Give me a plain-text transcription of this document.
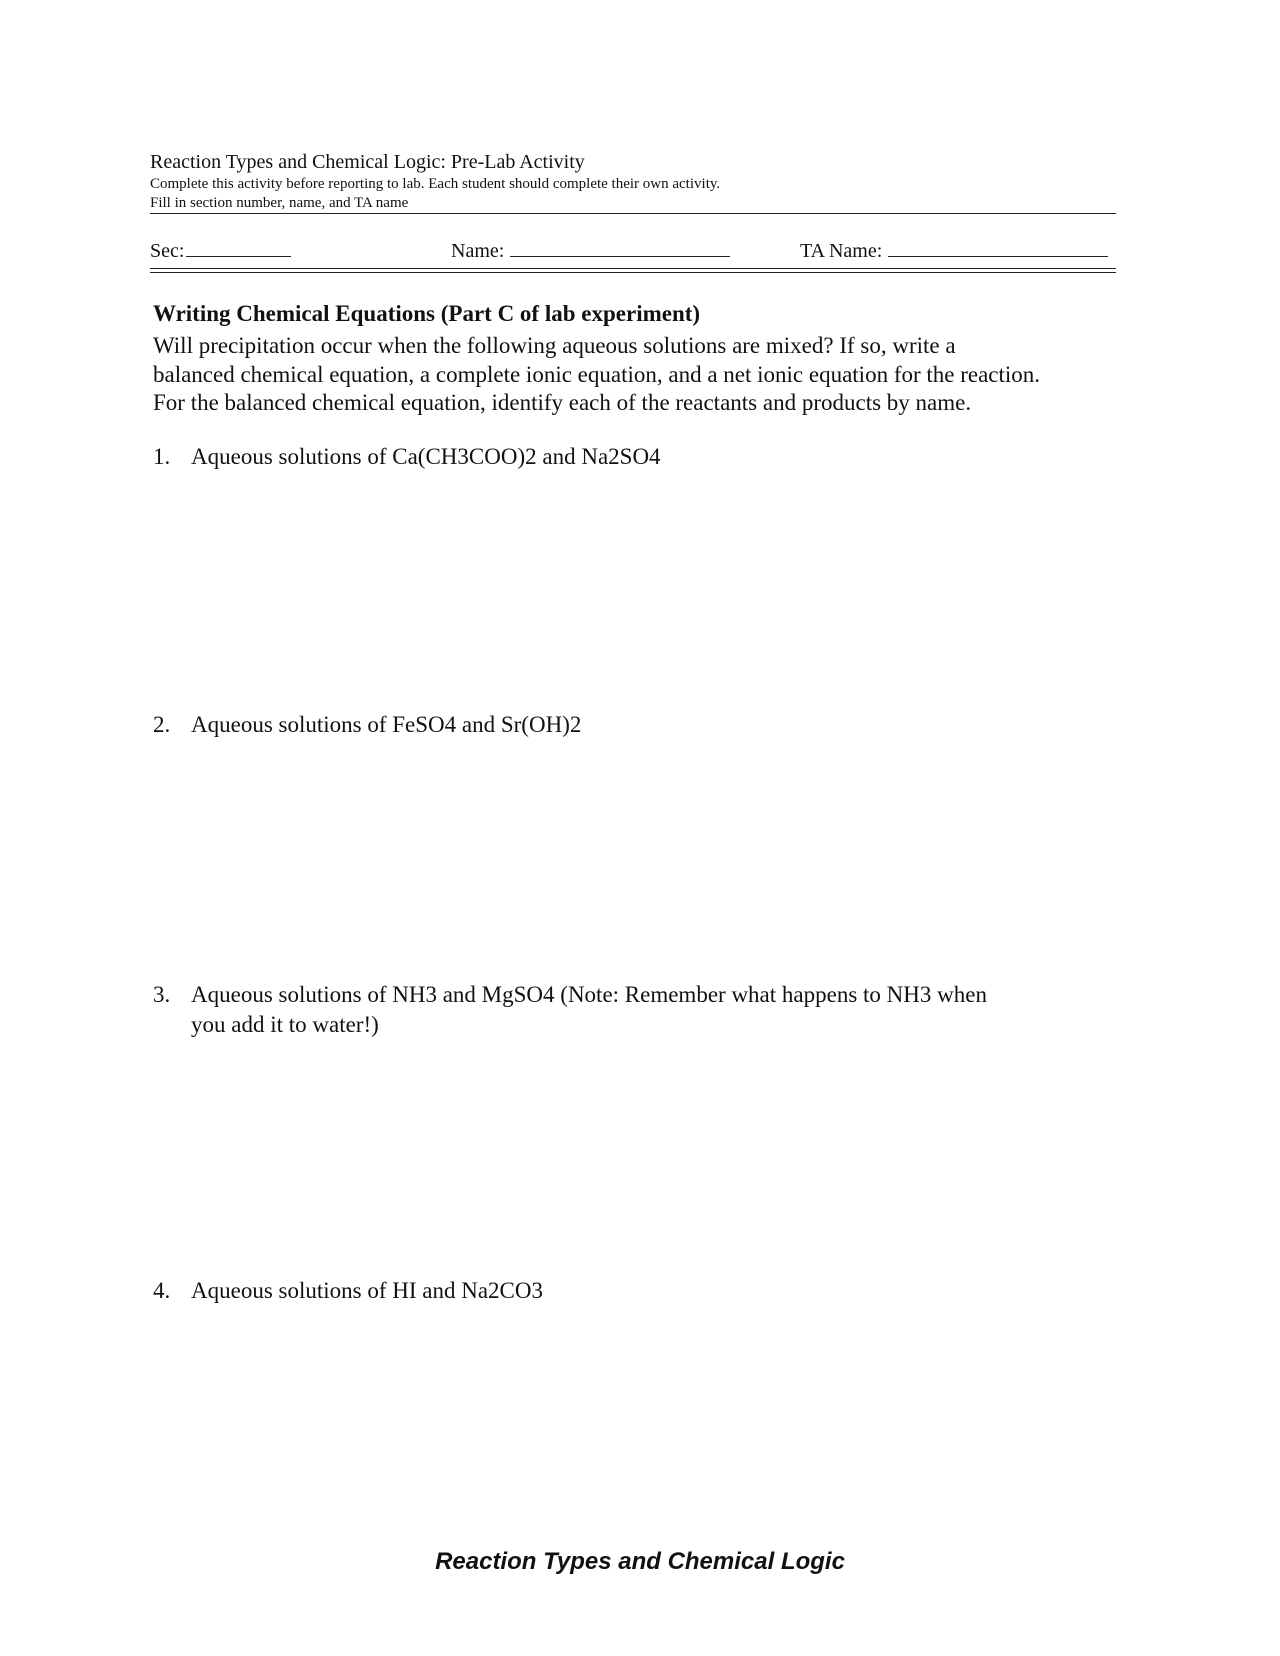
Reaction Types and Chemical Logic: Pre-Lab Activity
Complete this activity before reporting to lab. Each student should complete their own activity.
Fill in section number, name, and TA name
Sec:	Name:	TA Name:
Writing Chemical Equations (Part C of lab experiment)

Will precipitation occur when the following aqueous solutions are mixed? If so, write a

balanced chemical equation, a complete ionic equation, and a net ionic equation for the reaction.

For the balanced chemical equation, identify each of the reactants and products by name.

1. Aqueous solutions of Ca(CH3COO)2 and Na2SO4
2. Aqueous solutions of FeSO4 and Sr(OH)2
3. Aqueous solutions of NH3 and MgSO4 (Note: Remember what happens to NH3 when
you add it to water!)
4. Aqueous solutions of HI and Na2CO3
Reaction Types and Chemical Logic
